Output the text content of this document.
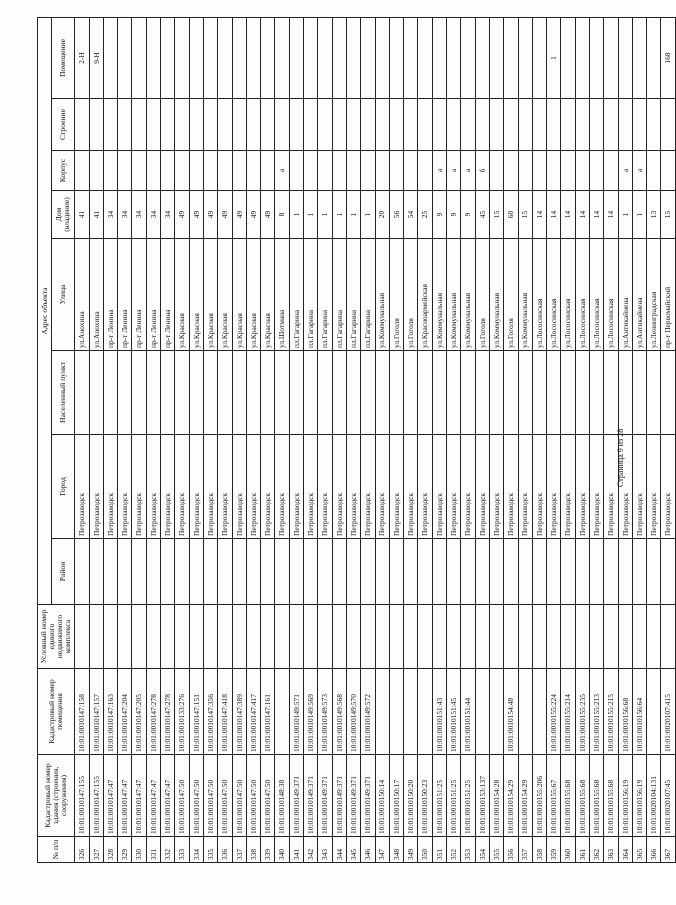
№ п/п	Кадастровый номер здания (строения, сооружения)	Кадастровый номер помещения	Условный номер единого недвижимого комплекса	Адрес объекта							
				Район	Город	Населенный пункт	Улица	Дом (владение)	Корпус	Строение	Помещение
326	10:01:0010147:155	10:01:0010147:158			Петрозаводск		ул.Анохина	41			2-Н
327	10:01:0010147:155	10:01:0010147:157			Петрозаводск		ул.Анохина	41			9-Н
328	10:01:0010147:47	10:01:0010147:163			Петрозаводск		пр-т Ленина	34			
329	10:01:0010147:47	10:01:0010147:204			Петрозаводск		пр-т Ленина	34			
330	10:01:0010147:47	10:01:0010147:205			Петрозаводск		пр-т Ленина	34			
331	10:01:0010147:47	10:01:0010147:278			Петрозаводск		пр-т Ленина	34			
332	10:01:0010147:47	10:01:0010147:278			Петрозаводск		пр-т Ленина	34			
333	10:01:0010147:50	10:01:0010133:276			Петрозаводск		ул.Красная	49			
334	10:01:0010147:50	10:01:0010147:151			Петрозаводск		ул.Красная	49			
335	10:01:0010147:50	10:01:0010147:356			Петрозаводск		ул.Красная	49			
336	10:01:0010147:50	10:01:0010147:418			Петрозаводск		ул.Красная	49			
337	10:01:0010147:50	10:01:0010147:389			Петрозаводск		ул.Красная	49			
338	10:01:0010147:50	10:01:0010147:417			Петрозаводск		ул.Красная	49			
339	10:01:0010147:50	10:01:0010147:161			Петрозаводск		ул.Красная	49			
340	10:01:0010148:38				Петрозаводск		ул.Шотмана	8	а		
341	10:01:0010149:371	10:01:0010149:571			Петрозаводск		пл.Гагарина	1			
342	10:01:0010149:371	10:01:0010149:569			Петрозаводск		пл.Гагарина	1			
343	10:01:0010149:371	10:01:0010149:573			Петрозаводск		пл.Гагарина	1			
344	10:01:0010149:371	10:01:0010149:568			Петрозаводск		пл.Гагарина	1			
345	10:01:0010149:371	10:01:0010149:570			Петрозаводск		пл.Гагарина	1			
346	10:01:0010149:371	10:01:0010149:572			Петрозаводск		пл.Гагарина	1			
347	10:01:0010150:14				Петрозаводск		ул.Коммунальная	20			
348	10:01:0010150:17				Петрозаводск		ул.Гоголя	56			
349	10:01:0010150:20				Петрозаводск		ул.Гоголя	54			
350	10:01:0010150:23				Петрозаводск		ул.Красноармейская	25			
351	10:01:0010151:25	10:01:0010151:43			Петрозаводск		ул.Коммунальная	9	а		
352	10:01:0010151:25	10:01:0010151:45			Петрозаводск		ул.Коммунальная	9	а		
353	10:01:0010151:25	10:01:0010151:44			Петрозаводск		ул.Коммунальная	9	а		
354	10:01:0010153:137				Петрозаводск		ул.Гоголя	45	б		
355	10:01:0010154:28				Петрозаводск		ул.Коммунальная	15			
356	10:01:0010154:29	10:01:0010154:48			Петрозаводск		ул.Гоголя	60			
357	10:01:0010154:29				Петрозаводск		ул.Коммунальная	15			
358	10:01:0010155:206				Петрозаводск		ул.Лососинская	14			
359	10:01:0010155:67	10:01:0010155:224			Петрозаводск		ул.Лососинская	14			1
360	10:01:0010155:68	10:01:0010155:214			Петрозаводск		ул.Лососинская	14			
361	10:01:0010155:68	10:01:0010155:235			Петрозаводск		ул.Лососинская	14			
362	10:01:0010155:68	10:01:0010155:213			Петрозаводск		ул.Лососинская	14			
363	10:01:0010155:68	10:01:0010155:215			Петрозаводск		ул.Лососинская	14			
364	10:01:0010156:19	10:01:0010156:68			Петрозаводск		ул.Антикайнена	1	а		
365	10:01:0010156:19	10:01:0010156:64			Петрозаводск		ул.Антикайнена	1	а		
366	10:01:0020104:131				Петрозаводск		ул.Ленинградская	13			
367	10:01:0020107:45	10:01:0020107:415			Петрозаводск		пр-т Первомайский	15			168
Страница 9 из 28
